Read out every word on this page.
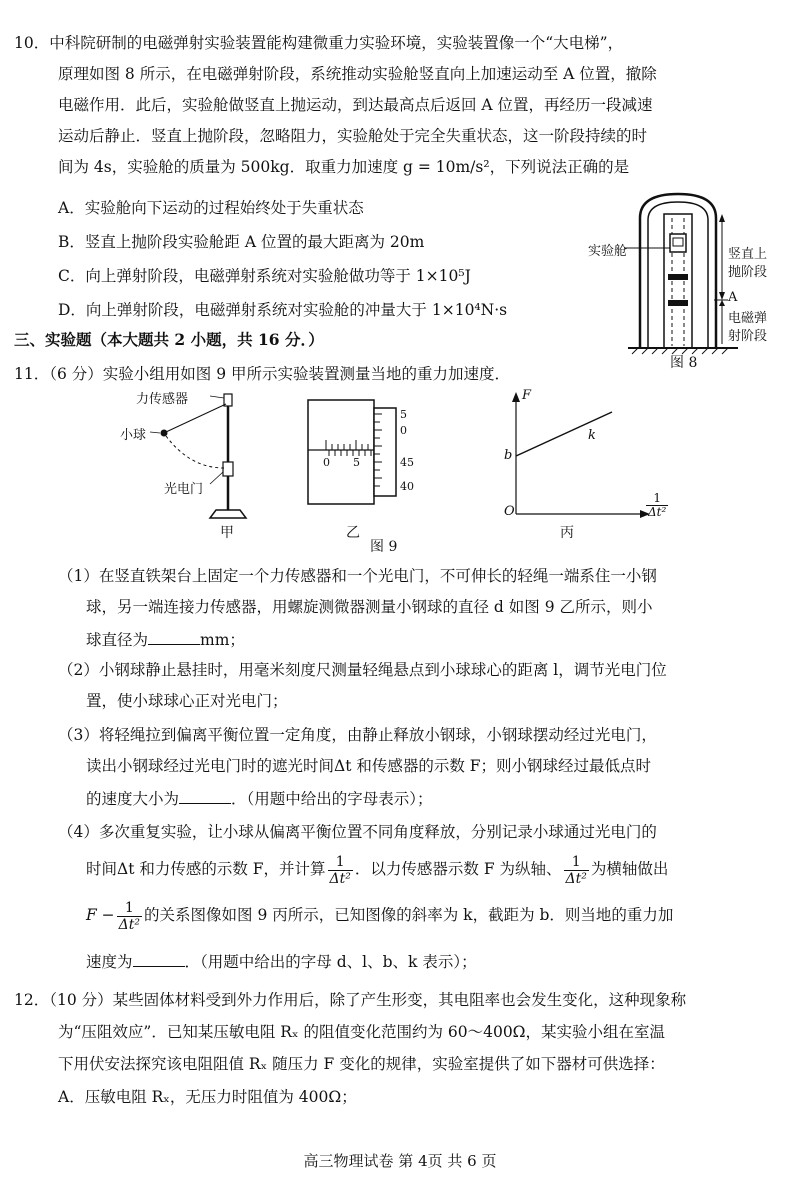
10．中科院研制的电磁弹射实验装置能构建微重力实验环境，实验装置像一个“大电梯”，
原理如图 8 所示，在电磁弹射阶段，系统推动实验舱竖直向上加速运动至 A 位置，撤除
电磁作用．此后，实验舱做竖直上抛运动，到达最高点后返回 A 位置，再经历一段减速
运动后静止．竖直上抛阶段，忽略阻力，实验舱处于完全失重状态，这一阶段持续的时
间为 4s，实验舱的质量为 500kg．取重力加速度 g = 10m/s²，下列说法正确的是
A．实验舱向下运动的过程始终处于失重状态
B．竖直上抛阶段实验舱距 A 位置的最大距离为 20m
C．向上弹射阶段，电磁弹射系统对实验舱做功等于 1×10⁵J
D．向上弹射阶段，电磁弹射系统对实验舱的冲量大于 1×10⁴N·s
实验舱	竖直上
抛阶段
A
电磁弹
射阶段
图 8
三、实验题（本大题共 2 小题，共 16 分．）
11．（6 分）实验小组用如图 9 甲所示实验装置测量当地的重力加速度．
力传感器
小球
光电门
甲
5
0
45
40
0 5
乙
F
b
k
O	$\frac{1}{\text{Δt²}}$
丙
图 9
（1）在竖直铁架台上固定一个力传感器和一个光电门，不可伸长的轻绳一端系住一小钢
球，另一端连接力传感器，用螺旋测微器测量小钢球的直径 d 如图 9 乙所示，则小
球直径为	mm；
（2）小钢球静止悬挂时，用毫米刻度尺测量轻绳悬点到小球球心的距离 l，调节光电门位
置，使小球球心正对光电门；
（3）将轻绳拉到偏离平衡位置一定角度，由静止释放小钢球，小钢球摆动经过光电门，
读出小钢球经过光电门时的遮光时间Δt 和传感器的示数 F；则小钢球经过最低点时
的速度大小为	．（用题中给出的字母表示）；
（4）多次重复实验，让小球从偏离平衡位置不同角度释放，分别记录小球通过光电门的
时间Δt 和力传感的示数 F，并计算 $\frac{1}{\text{Δt²}}$ ．以力传感器示数 F 为纵轴、 $\frac{1}{\text{Δt²}}$ 为横轴做出
$F - \frac{1}{\text{Δt²}}$ 的关系图像如图 9 丙所示，已知图像的斜率为 k，截距为 b．则当地的重力加
速度为	．（用题中给出的字母 d、l、b、k 表示）；
12．（10 分）某些固体材料受到外力作用后，除了产生形变，其电阻率也会发生变化，这种现象称
为“压阻效应”．已知某压敏电阻 Rₓ 的阻值变化范围约为 60～400Ω，某实验小组在室温
下用伏安法探究该电阻阻值 Rₓ 随压力 F 变化的规律，实验室提供了如下器材可供选择：
A．压敏电阻 Rₓ，无压力时阻值为 400Ω；
高三物理试卷 第 4页 共 6 页
